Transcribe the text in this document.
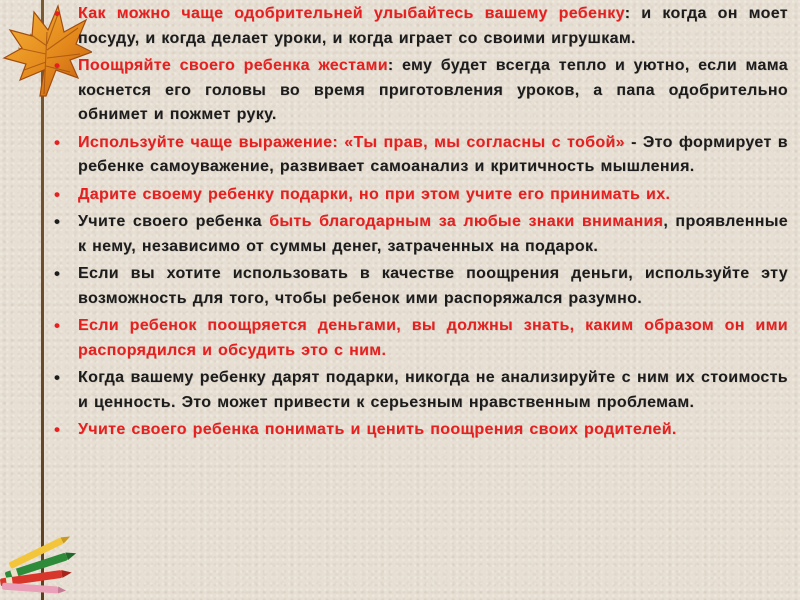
• Как можно чаще одобрительней улыбайтесь вашему ребенку: и когда он моет посуду, и когда делает уроки, и когда играет со своими игрушкам.
• Поощряйте своего ребенка жестами: ему будет всегда тепло и уютно, если мама коснется его головы во время приготовления уроков, а папа одобрительно обнимет и пожмет руку.
• Используйте чаще выражение: «Ты прав, мы согласны с тобой» - Это формирует в ребенке самоуважение, развивает самоанализ и критичность мышления.
• Дарите своему ребенку подарки, но при этом учите его принимать их.
• Учите своего ребенка быть благодарным за любые знаки внимания, проявленные к нему, независимо от суммы денег, затраченных на подарок.
• Если вы хотите использовать в качестве поощрения деньги, используйте эту возможность для того, чтобы ребенок ими распоряжался разумно.
• Если ребенок поощряется деньгами, вы должны знать, каким образом он ими распорядился и обсудить это с ним.
• Когда вашему ребенку дарят подарки, никогда не анализируйте с ним их стоимость и ценность. Это может привести к серьезным нравственным проблемам.
• Учите своего ребенка понимать и ценить поощрения своих родителей.
